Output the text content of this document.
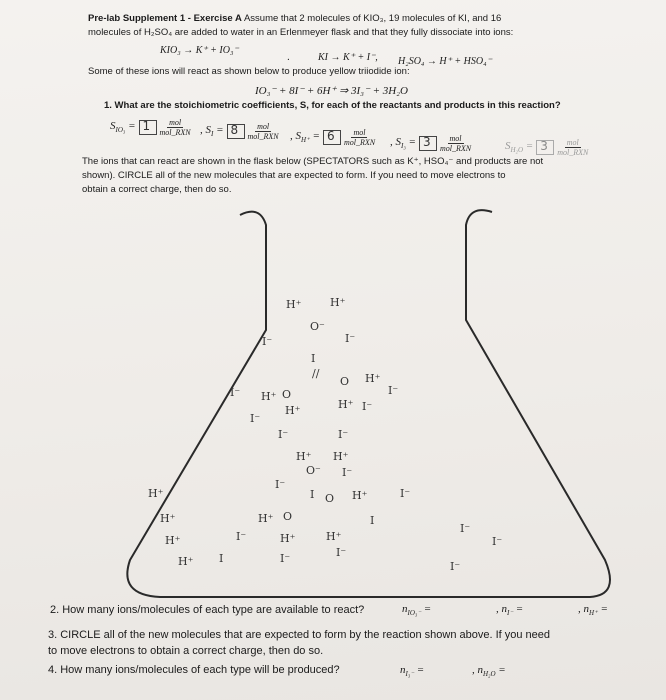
Pre-lab Supplement 1 - Exercise A Assume that 2 molecules of KIO₃, 19 molecules of KI, and 16
molecules of H₂SO₄ are added to water in an Erlenmeyer flask and that they fully dissociate into ions:
KIO₃ → K⁺ + IO₃⁻
·	KI → K⁺ + I⁻, H₂SO₄ → H⁺ + HSO₄⁻
Some of these ions will react as shown below to produce yellow triiodide ion:
IO₃⁻ + 8I⁻ + 6H⁺ ⇒ 3I₃⁻ + 3H₂O
1. What are the stoichiometric coefficients, S, for each of the reactants and products in this reaction?
$S_{IO_3} = 1 \frac{\text{mol}}{\text{mol\_RXN}}$ , $S_I = 8 \frac{\text{mol}}{\text{mol\_RXN}}$ , $S_{H^+} = 6 \frac{\text{mol}}{\text{mol\_RXN}}$ , $S_{I_3} = 3 \frac{\text{mol}}{\text{mol\_RXN}}$	$S_{H_2O} = 3 \frac{\text{mol}}{\text{mol\_RXN}}$
The ions that can react are shown in the flask below (SPECTATORS such as K⁺, HSO₄⁻ and products are not
shown). CIRCLE all of the new molecules that are expected to form. If you need to move electrons to
obtain a correct charge, then do so.
H⁺	H⁺
O⁻
I⁻	I⁻
I
//
O H⁺
I⁻
I⁻ H⁺ O
H⁺ I⁻
I⁻
H⁺
I⁻	I⁻
H⁺ H⁺
O⁻ I⁻
I⁻
I O H⁺	I⁻
H⁺ O	I
I⁻	H⁺	H⁺
I	I⁻	I⁻
H⁺
H⁺
H⁺
H⁺
I⁻
I⁻
I⁻
2. How many ions/molecules of each type are available to react?	$n_{IO_3^-}$ =	, $n_{I^-}$ =	, $n_{H^+}$ =
3. CIRCLE all of the new molecules that are expected to form by the reaction shown above. If you need
to move electrons to obtain a correct charge, then do so.
4. How many ions/molecules of each type will be produced?	$n_{I_3^-}$ =	, $n_{H_2O}$ =
